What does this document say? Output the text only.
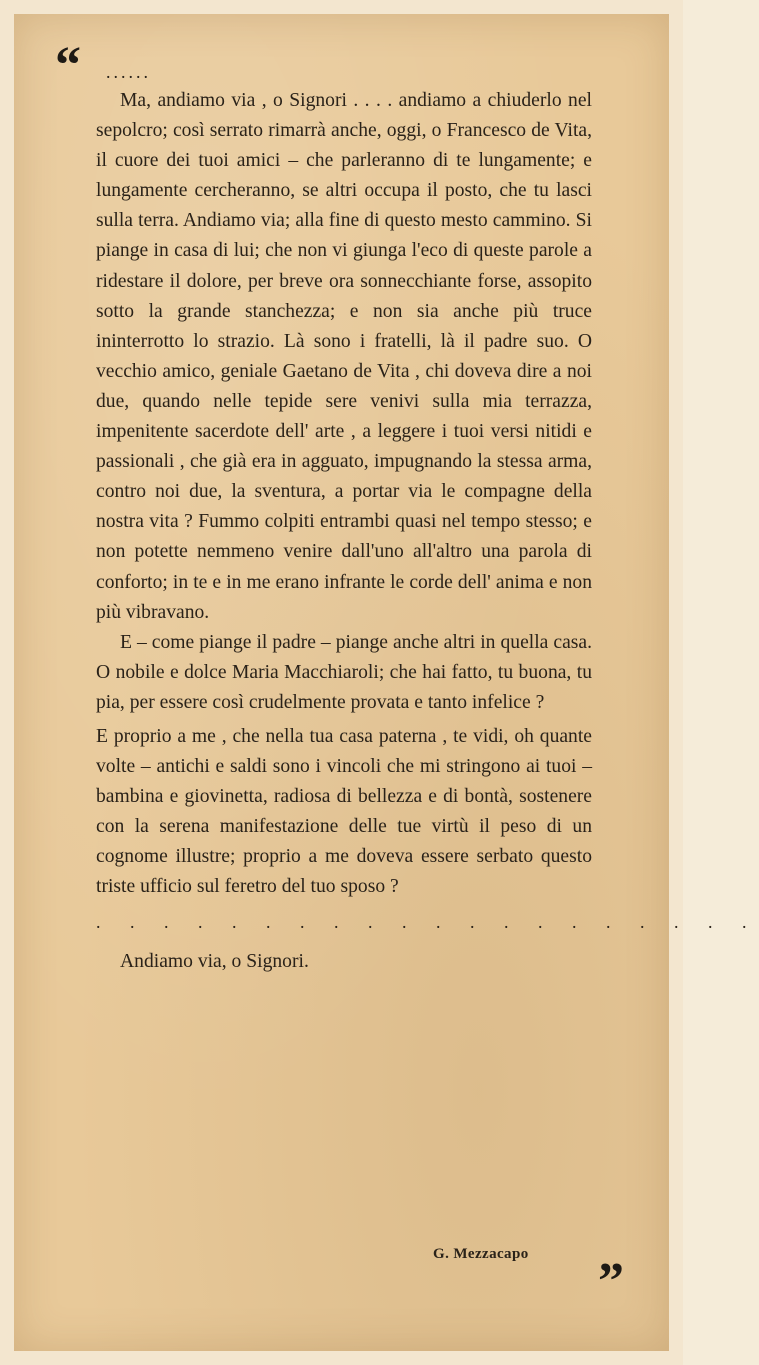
“ ......

Ma, andiamo via , o Signori . . . . andiamo a chiuderlo nel sepolcro; così serrato rimarrà anche, oggi, o Francesco de Vita, il cuore dei tuoi amici – che parleranno di te lungamente; e lungamente cercheranno, se altri occupa il posto, che tu lasci sulla terra. Andiamo via; alla fine di questo mesto cammino. Si piange in casa di lui; che non vi giunga l'eco di queste parole a ridestare il dolore, per breve ora sonnecchiante forse, assopito sotto la grande stanchezza; e non sia anche più truce ininterrotto lo strazio. Là sono i fratelli, là il padre suo. O vecchio amico, geniale Gaetano de Vita , chi doveva dire a noi due, quando nelle tepide sere venivi sulla mia terrazza, impenitente sacerdote dell' arte , a leggere i tuoi versi nitidi e passionali , che già era in agguato, impugnando la stessa arma, contro noi due, la sventura, a portar via le compagne della nostra vita ? Fummo colpiti entrambi quasi nel tempo stesso; e non potette nemmeno venire dall'uno all'altro una parola di conforto; in te e in me erano infrante le corde dell' anima e non più vibravano.

E – come piange il padre – piange anche altri in quella casa. O nobile e dolce Maria Macchiaroli; che hai fatto, tu buona, tu pia, per essere così crudelmente provata e tanto infelice ?

E proprio a me , che nella tua casa paterna , te vidi, oh quante volte – antichi e saldi sono i vincoli che mi stringono ai tuoi – bambina e giovinetta, radiosa di bellezza e di bontà, sostenere con la serena manifestazione delle tue virtù il peso di un cognome illustre; proprio a me doveva essere serbato questo triste ufficio sul feretro del tuo sposo ?

. . . . . . . . . . . . . . . . . . . .

Andiamo via, o Signori.

G. Mezzacapo ”
